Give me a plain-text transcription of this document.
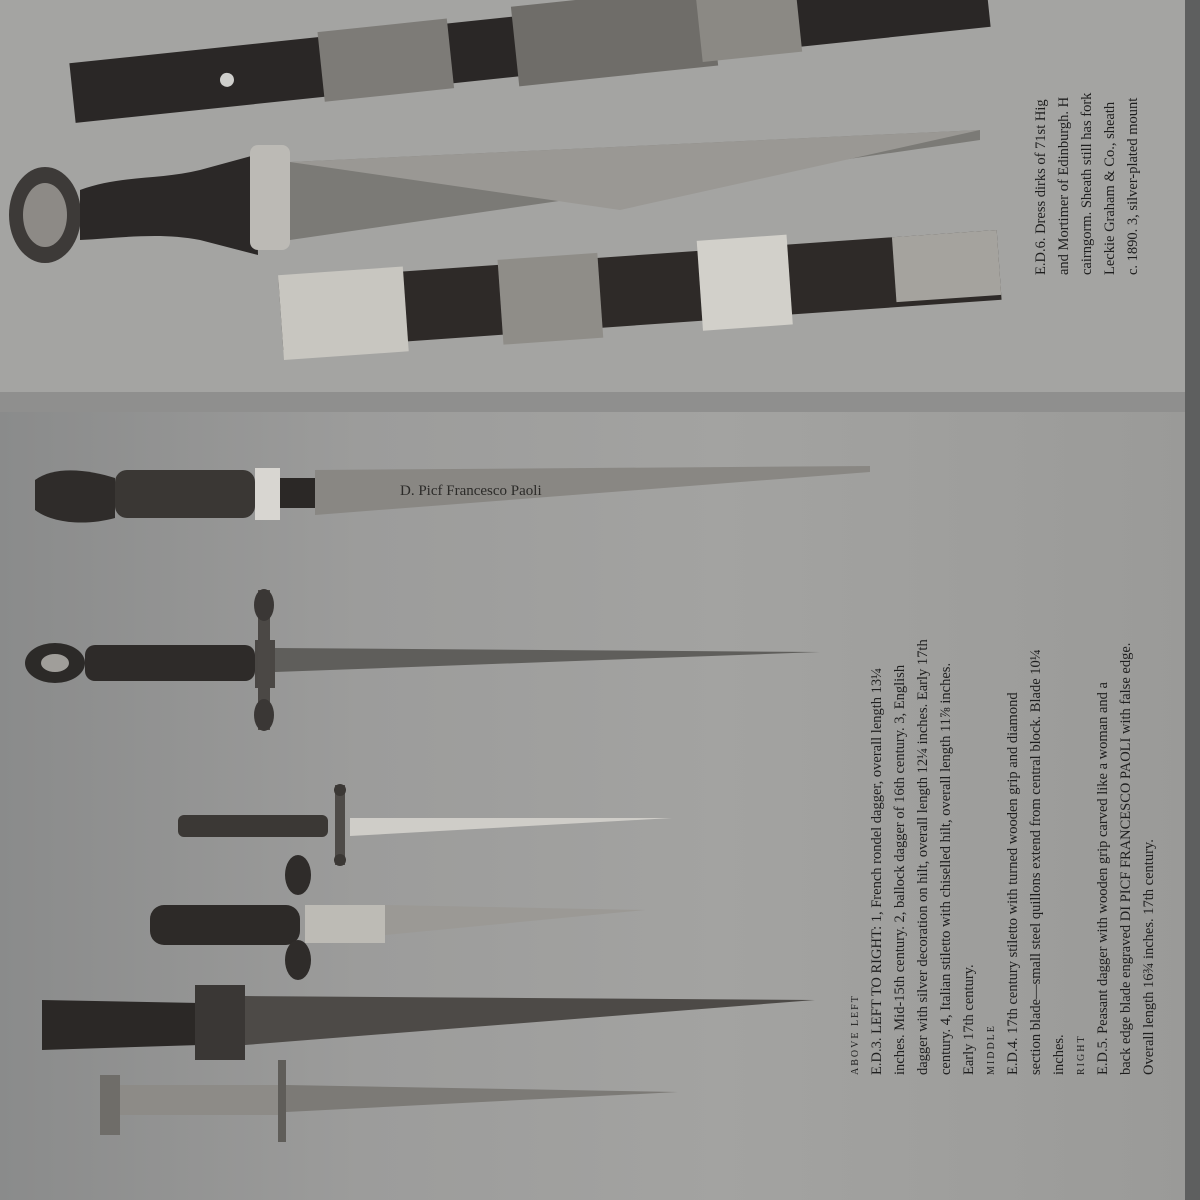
D. Picf Francesco Paoli
ABOVE LEFT E.D.3. LEFT TO RIGHT: 1, French rondel dagger, overall length 13¼ inches. Mid-15th century. 2, ballock dagger of 16th century. 3, English dagger with silver decoration on hilt, overall length 12¼ inches. Early 17th century. 4, Italian stiletto with chiselled hilt, overall length 11⅞ inches. Early 17th century. MIDDLE E.D.4. 17th century stiletto with turned wooden grip and diamond section blade—small steel quillons extend from central block. Blade 10¼ inches. RIGHT E.D.5. Peasant dagger with wooden grip carved like a woman and a back edge blade engraved DI PICF FRANCESCO PAOLI with false edge. Overall length 16¾ inches. 17th century.
E.D.6. Dress dirks of 71st Hig and Mortimer of Edinburgh. H cairngorm. Sheath still has fork Leckie Graham & Co., sheath c. 1890. 3, silver-plated mount
